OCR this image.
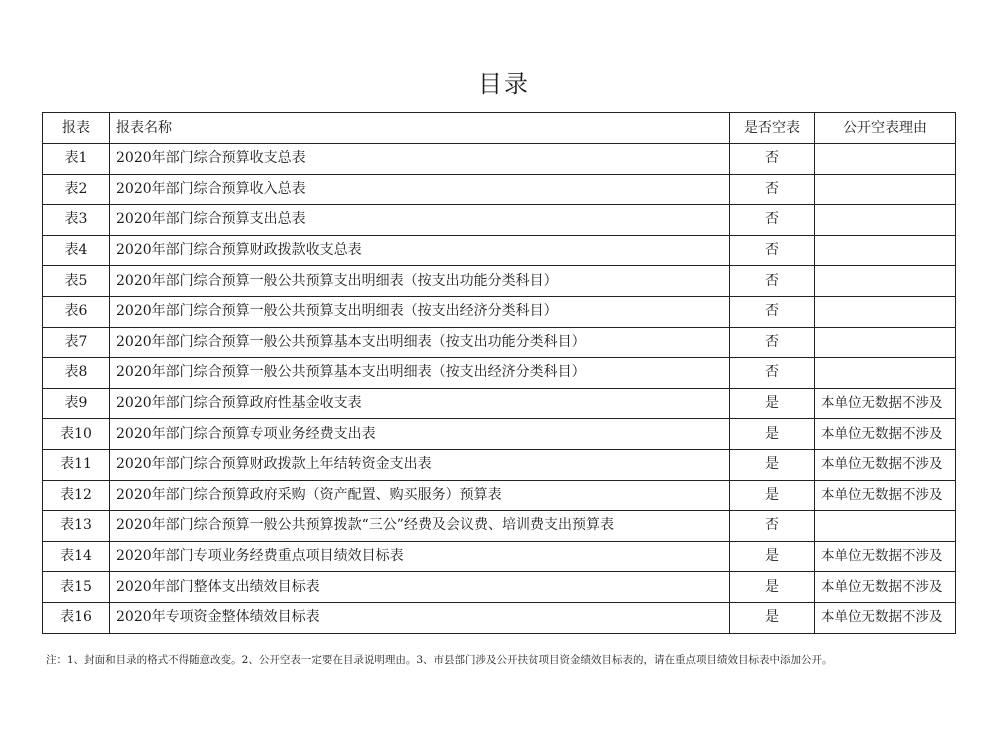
目录
报表	报表名称	是否空表	公开空表理由
表1	2020年部门综合预算收支总表	否	
表2	2020年部门综合预算收入总表	否	
表3	2020年部门综合预算支出总表	否	
表4	2020年部门综合预算财政拨款收支总表	否	
表5	2020年部门综合预算一般公共预算支出明细表（按支出功能分类科目）	否	
表6	2020年部门综合预算一般公共预算支出明细表（按支出经济分类科目）	否	
表7	2020年部门综合预算一般公共预算基本支出明细表（按支出功能分类科目）	否	
表8	2020年部门综合预算一般公共预算基本支出明细表（按支出经济分类科目）	否	
表9	2020年部门综合预算政府性基金收支表	是	本单位无数据不涉及
表10	2020年部门综合预算专项业务经费支出表	是	本单位无数据不涉及
表11	2020年部门综合预算财政拨款上年结转资金支出表	是	本单位无数据不涉及
表12	2020年部门综合预算政府采购（资产配置、购买服务）预算表	是	本单位无数据不涉及
表13	2020年部门综合预算一般公共预算拨款“三公”经费及会议费、培训费支出预算表	否	
表14	2020年部门专项业务经费重点项目绩效目标表	是	本单位无数据不涉及
表15	2020年部门整体支出绩效目标表	是	本单位无数据不涉及
表16	2020年专项资金整体绩效目标表	是	本单位无数据不涉及
注：1、封面和目录的格式不得随意改变。2、公开空表一定要在目录说明理由。3、市县部门涉及公开扶贫项目资金绩效目标表的，请在重点项目绩效目标表中添加公开。
